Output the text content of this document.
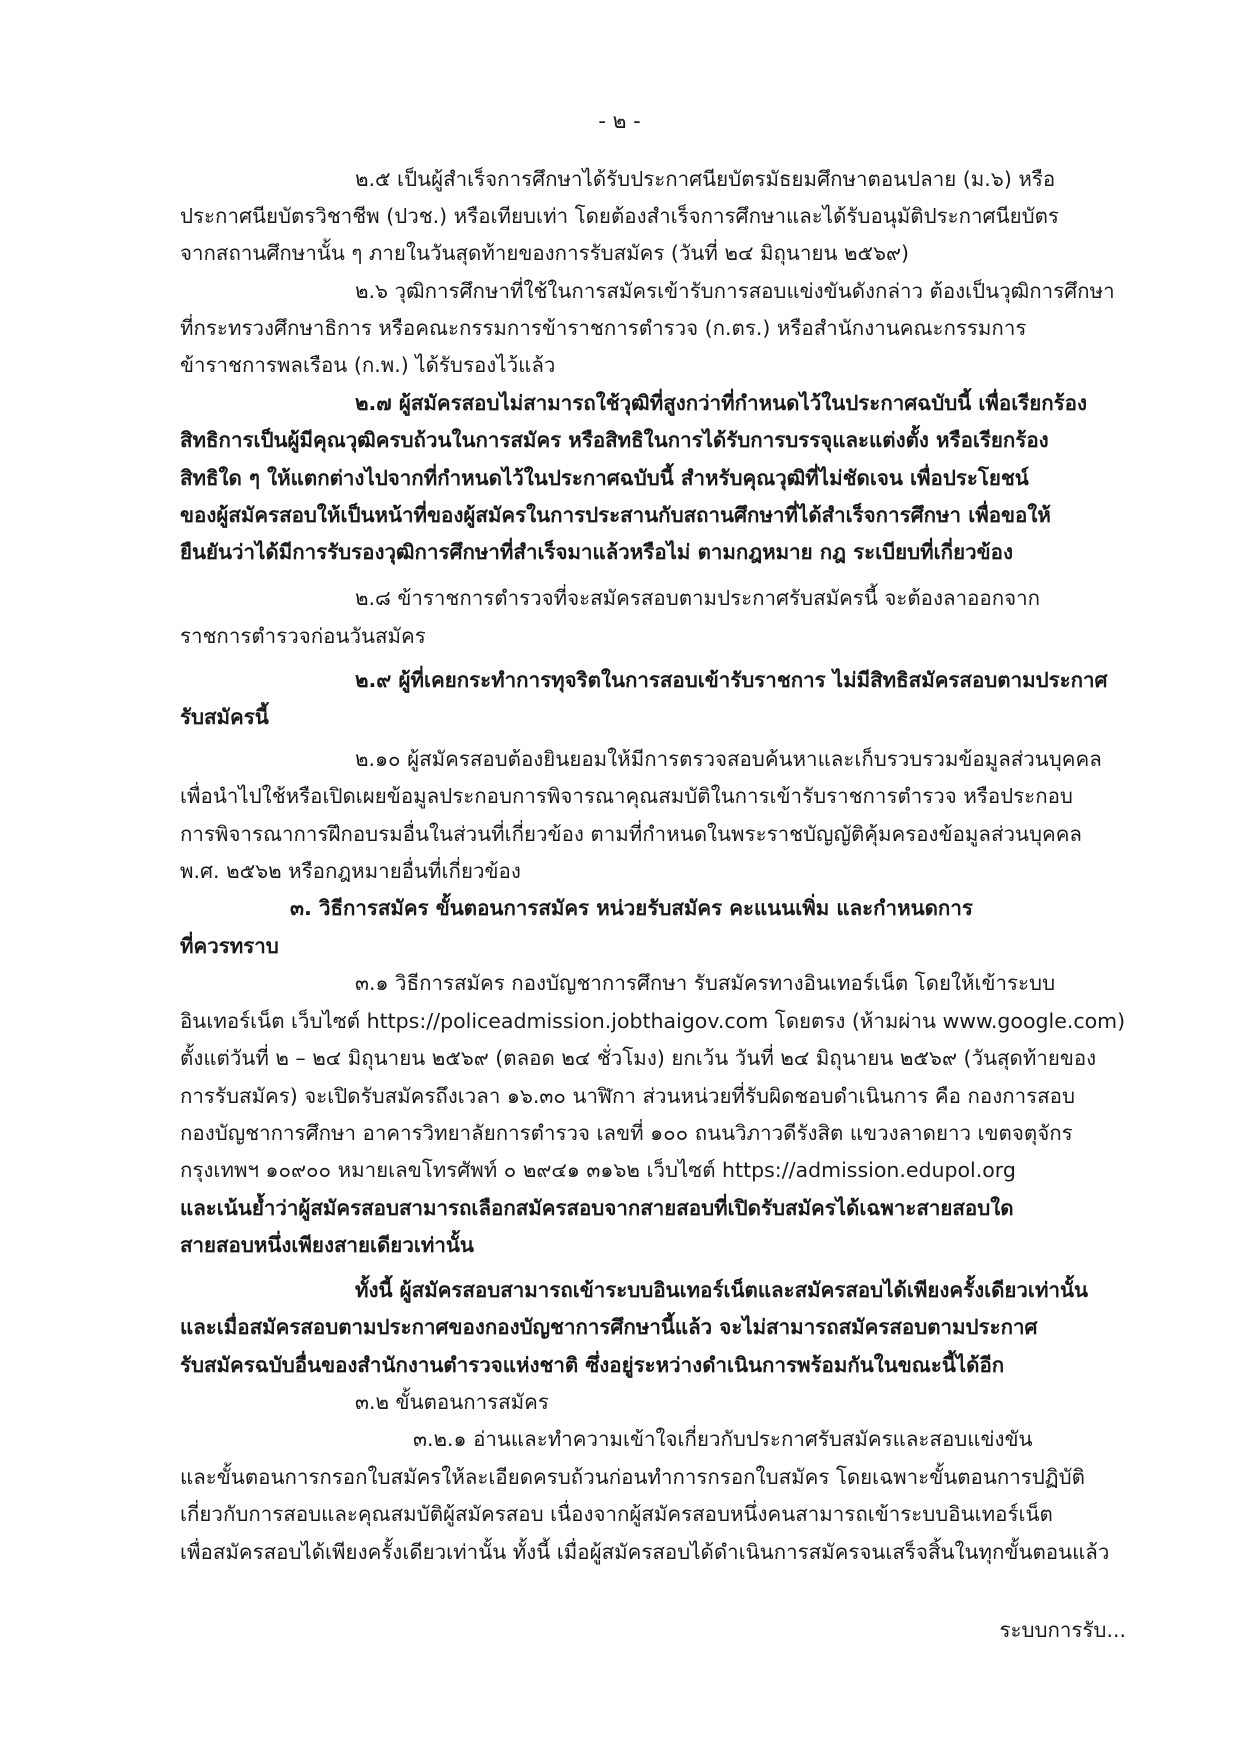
- ๒ -
๒.๕ เป็นผู้สำเร็จการศึกษาได้รับประกาศนียบัตรมัธยมศึกษาตอนปลาย (ม.๖) หรือ
ประกาศนียบัตรวิชาชีพ (ปวช.) หรือเทียบเท่า โดยต้องสำเร็จการศึกษาและได้รับอนุมัติประกาศนียบัตร
จากสถานศึกษานั้น ๆ ภายในวันสุดท้ายของการรับสมัคร (วันที่ ๒๔ มิถุนายน ๒๕๖๙)
๒.๖ วุฒิการศึกษาที่ใช้ในการสมัครเข้ารับการสอบแข่งขันดังกล่าว ต้องเป็นวุฒิการศึกษา
ที่กระทรวงศึกษาธิการ หรือคณะกรรมการข้าราชการตำรวจ (ก.ตร.) หรือสำนักงานคณะกรรมการ
ข้าราชการพลเรือน (ก.พ.) ได้รับรองไว้แล้ว
๒.๗ ผู้สมัครสอบไม่สามารถใช้วุฒิที่สูงกว่าที่กำหนดไว้ในประกาศฉบับนี้ เพื่อเรียกร้อง
สิทธิการเป็นผู้มีคุณวุฒิครบถ้วนในการสมัคร หรือสิทธิในการได้รับการบรรจุและแต่งตั้ง หรือเรียกร้อง
สิทธิใด ๆ ให้แตกต่างไปจากที่กำหนดไว้ในประกาศฉบับนี้ สำหรับคุณวุฒิที่ไม่ชัดเจน เพื่อประโยชน์
ของผู้สมัครสอบให้เป็นหน้าที่ของผู้สมัครในการประสานกับสถานศึกษาที่ได้สำเร็จการศึกษา เพื่อขอให้
ยืนยันว่าได้มีการรับรองวุฒิการศึกษาที่สำเร็จมาแล้วหรือไม่ ตามกฎหมาย กฎ ระเบียบที่เกี่ยวข้อง
๒.๘ ข้าราชการตำรวจที่จะสมัครสอบตามประกาศรับสมัครนี้ จะต้องลาออกจาก
ราชการตำรวจก่อนวันสมัคร
๒.๙ ผู้ที่เคยกระทำการทุจริตในการสอบเข้ารับราชการ ไม่มีสิทธิสมัครสอบตามประกาศ
รับสมัครนี้
๒.๑๐ ผู้สมัครสอบต้องยินยอมให้มีการตรวจสอบค้นหาและเก็บรวบรวมข้อมูลส่วนบุคคล
เพื่อนำไปใช้หรือเปิดเผยข้อมูลประกอบการพิจารณาคุณสมบัติในการเข้ารับราชการตำรวจ หรือประกอบ
การพิจารณาการฝึกอบรมอื่นในส่วนที่เกี่ยวข้อง ตามที่กำหนดในพระราชบัญญัติคุ้มครองข้อมูลส่วนบุคคล
พ.ศ. ๒๕๖๒ หรือกฎหมายอื่นที่เกี่ยวข้อง
๓. วิธีการสมัคร ขั้นตอนการสมัคร หน่วยรับสมัคร คะแนนเพิ่ม และกำหนดการ
ที่ควรทราบ
๓.๑ วิธีการสมัคร กองบัญชาการศึกษา รับสมัครทางอินเทอร์เน็ต โดยให้เข้าระบบ
อินเทอร์เน็ต เว็บไซต์ https://policeadmission.jobthaigov.com โดยตรง (ห้ามผ่าน www.google.com)
ตั้งแต่วันที่ ๒ – ๒๔ มิถุนายน ๒๕๖๙ (ตลอด ๒๔ ชั่วโมง) ยกเว้น วันที่ ๒๔ มิถุนายน ๒๕๖๙ (วันสุดท้ายของ
การรับสมัคร) จะเปิดรับสมัครถึงเวลา ๑๖.๓๐ นาฬิกา ส่วนหน่วยที่รับผิดชอบดำเนินการ คือ กองการสอบ
กองบัญชาการศึกษา อาคารวิทยาลัยการตำรวจ เลขที่ ๑๐๐ ถนนวิภาวดีรังสิต แขวงลาดยาว เขตจตุจักร
กรุงเทพฯ ๑๐๙๐๐ หมายเลขโทรศัพท์ ๐ ๒๙๔๑ ๓๑๖๒ เว็บไซต์ https://admission.edupol.org
และเน้นย้ำว่าผู้สมัครสอบสามารถเลือกสมัครสอบจากสายสอบที่เปิดรับสมัครได้เฉพาะสายสอบใด
สายสอบหนึ่งเพียงสายเดียวเท่านั้น
ทั้งนี้ ผู้สมัครสอบสามารถเข้าระบบอินเทอร์เน็ตและสมัครสอบได้เพียงครั้งเดียวเท่านั้น
และเมื่อสมัครสอบตามประกาศของกองบัญชาการศึกษานี้แล้ว จะไม่สามารถสมัครสอบตามประกาศ
รับสมัครฉบับอื่นของสำนักงานตำรวจแห่งชาติ ซึ่งอยู่ระหว่างดำเนินการพร้อมกันในขณะนี้ได้อีก
๓.๒ ขั้นตอนการสมัคร
๓.๒.๑ อ่านและทำความเข้าใจเกี่ยวกับประกาศรับสมัครและสอบแข่งขัน
และขั้นตอนการกรอกใบสมัครให้ละเอียดครบถ้วนก่อนทำการกรอกใบสมัคร โดยเฉพาะขั้นตอนการปฏิบัติ
เกี่ยวกับการสอบและคุณสมบัติผู้สมัครสอบ เนื่องจากผู้สมัครสอบหนึ่งคนสามารถเข้าระบบอินเทอร์เน็ต
เพื่อสมัครสอบได้เพียงครั้งเดียวเท่านั้น ทั้งนี้ เมื่อผู้สมัครสอบได้ดำเนินการสมัครจนเสร็จสิ้นในทุกขั้นตอนแล้ว
ระบบการรับ...
